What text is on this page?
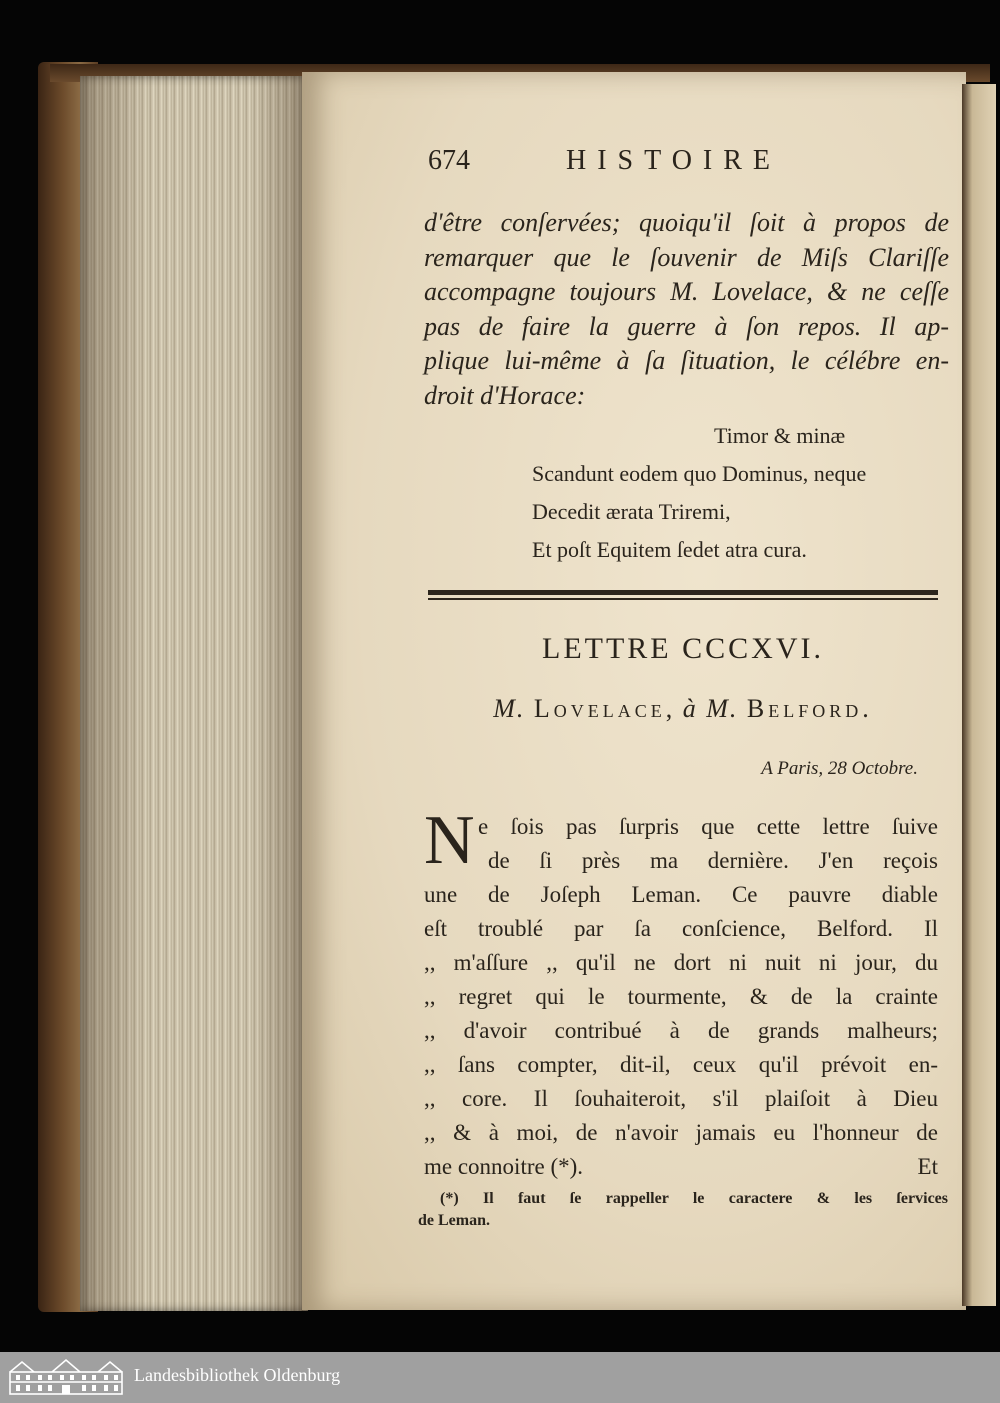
674	HISTOIRE
d'être conſervées; quoiqu'il ſoit à propos de
remarquer que le ſouvenir de Miſs Clariſſe
accompagne toujours M. Lovelace, & ne ceſſe
pas de faire la guerre à ſon repos. Il ap-
plique lui-même à ſa ſituation, le célébre en-
droit d'Horace:
Timor & minæ
Scandunt eodem quo Dominus, neque
Decedit ærata Triremi,
Et poſt Equitem ſedet atra cura.
LETTRE CCCXVI.
M. Lovelace, à M. Belford.
A Paris, 28 Octobre.
N e ſois pas ſurpris que cette lettre ſuive
de ſi près ma dernière. J'en reçois
une de Joſeph Leman. Ce pauvre diable
eſt troublé par ſa conſcience, Belford. Il
,, m'aſſure ,, qu'il ne dort ni nuit ni jour, du
,, regret qui le tourmente, & de la crainte
,, d'avoir contribué à de grands malheurs;
,, ſans compter, dit-il, ceux qu'il prévoit en-
,, core. Il ſouhaiteroit, s'il plaiſoit à Dieu
,, & à moi, de n'avoir jamais eu l'honneur de
me connoitre (*).	Et
(*) Il faut ſe rappeller le caractere & les ſervices
de Leman.
Landesbibliothek Oldenburg
